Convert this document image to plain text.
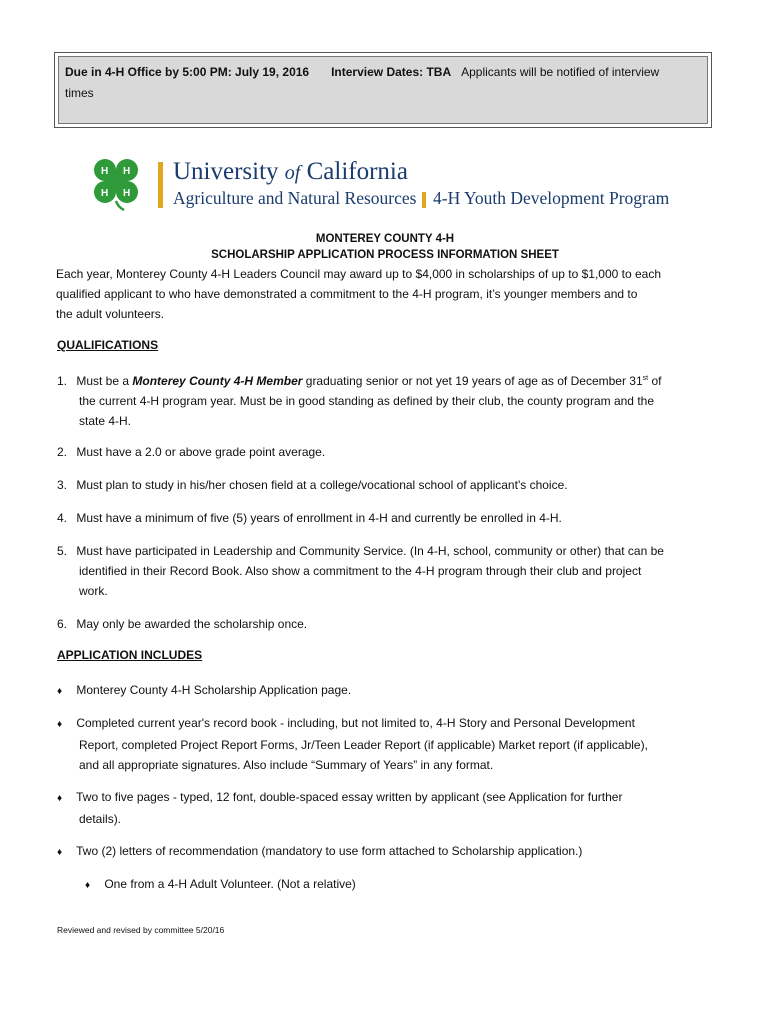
Due in 4-H Office by 5:00 PM: July 19, 2016 Interview Dates: TBA Applicants will be notified of interview
times
H H
H H
University of California
Agriculture and Natural Resources 4-H Youth Development Program
MONTEREY COUNTY 4-H
SCHOLARSHIP APPLICATION PROCESS INFORMATION SHEET
Each year, Monterey County 4-H Leaders Council may award up to $4,000 in scholarships of up to $1,000 to each
qualified applicant to who have demonstrated a commitment to the 4-H program, it’s younger members and to
the adult volunteers.
QUALIFICATIONS
1. Must be a Monterey County 4-H Member graduating senior or not yet 19 years of age as of December 31st of
the current 4-H program year. Must be in good standing as defined by their club, the county program and the
state 4-H.
2. Must have a 2.0 or above grade point average.
3. Must plan to study in his/her chosen field at a college/vocational school of applicant's choice.
4. Must have a minimum of five (5) years of enrollment in 4-H and currently be enrolled in 4-H.
5. Must have participated in Leadership and Community Service. (In 4-H, school, community or other) that can be
identified in their Record Book. Also show a commitment to the 4-H program through their club and project
work.
6. May only be awarded the scholarship once.
APPLICATION INCLUDES
♦ Monterey County 4-H Scholarship Application page.
♦ Completed current year's record book - including, but not limited to, 4-H Story and Personal Development
Report, completed Project Report Forms, Jr/Teen Leader Report (if applicable) Market report (if applicable),
and all appropriate signatures. Also include “Summary of Years” in any format.
♦ Two to five pages - typed, 12 font, double-spaced essay written by applicant (see Application for further
details).
♦ Two (2) letters of recommendation (mandatory to use form attached to Scholarship application.)
♦ One from a 4-H Adult Volunteer. (Not a relative)
Reviewed and revised by committee 5/20/16
